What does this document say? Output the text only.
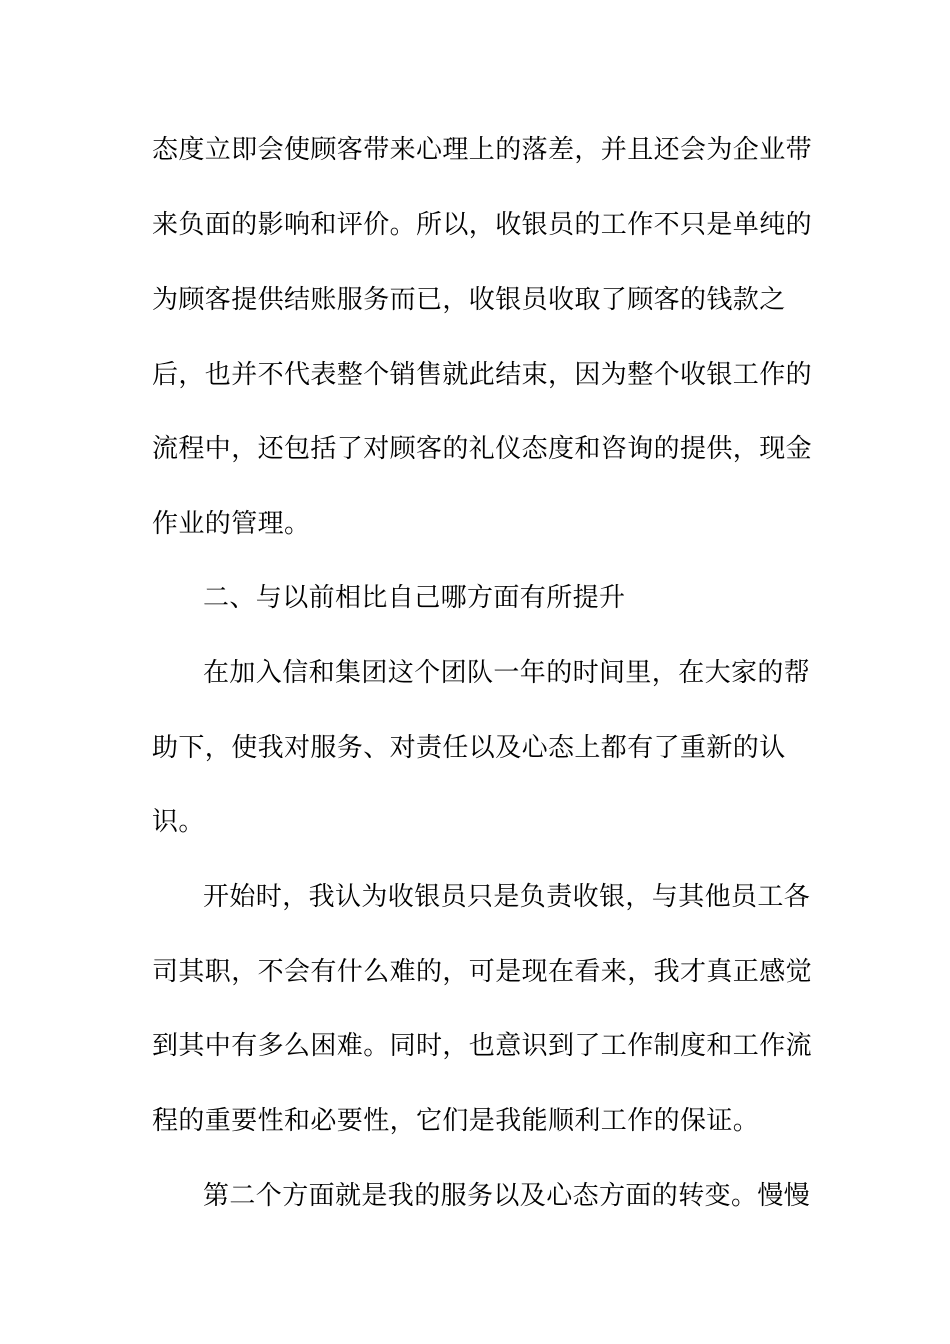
态度立即会使顾客带来心理上的落差，并且还会为企业带
来负面的影响和评价。所以，收银员的工作不只是单纯的
为顾客提供结账服务而已，收银员收取了顾客的钱款之
后，也并不代表整个销售就此结束，因为整个收银工作的
流程中，还包括了对顾客的礼仪态度和咨询的提供，现金
作业的管理。
二、与以前相比自己哪方面有所提升
在加入信和集团这个团队一年的时间里，在大家的帮
助下，使我对服务、对责任以及心态上都有了重新的认
识。
开始时，我认为收银员只是负责收银，与其他员工各
司其职，不会有什么难的，可是现在看来，我才真正感觉
到其中有多么困难。同时，也意识到了工作制度和工作流
程的重要性和必要性，它们是我能顺利工作的保证。
第二个方面就是我的服务以及心态方面的转变。慢慢
